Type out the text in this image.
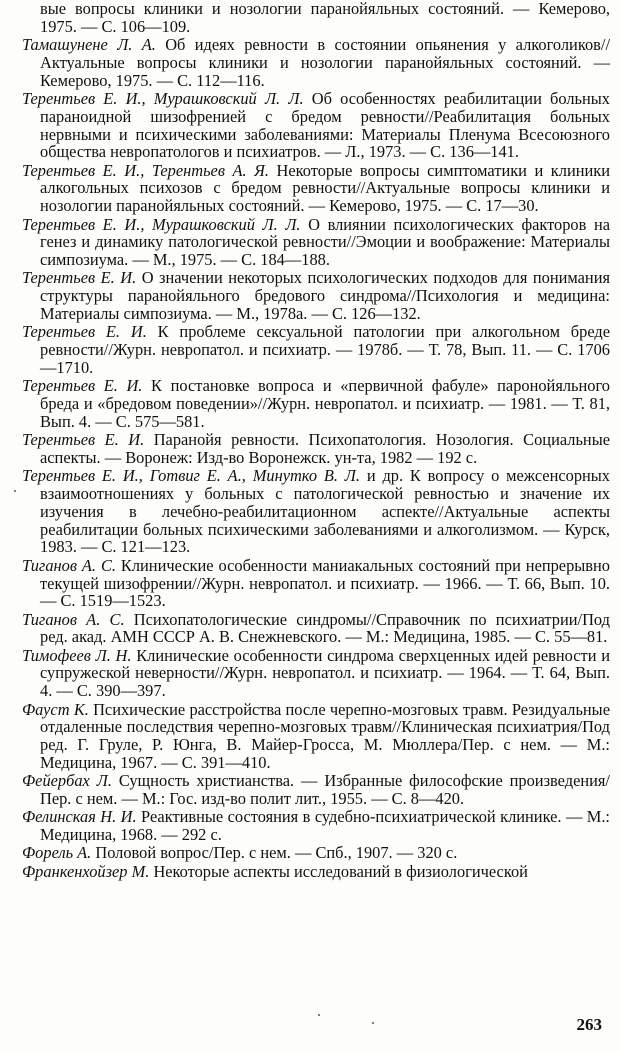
вые вопросы клиники и нозологии паранойяльных состояний. — Кемерово, 1975. — С. 106—109.

Тамашунене Л. А. Об идеях ревности в состоянии опьянения у алкоголиков//Актуальные вопросы клиники и нозологии паранойяльных состояний. — Кемерово, 1975. — С. 112—116.

Терентьев Е. И., Мурашковский Л. Л. Об особенностях реабилитации больных параноидной шизофренией с бредом ревности//Реабилитация больных нервными и психическими заболеваниями: Материалы Пленума Всесоюзного общества невропатологов и психиатров. — Л., 1973. — С. 136—141.

Терентьев Е. И., Терентьев А. Я. Некоторые вопросы симптоматики и клиники алкогольных психозов с бредом ревности//Актуальные вопросы клиники и нозологии паранойяльных состояний. — Кемерово, 1975. — С. 17—30.

Терентьев Е. И., Мурашковский Л. Л. О влиянии психологических факторов на генез и динамику патологической ревности//Эмоции и воображение: Материалы симпозиума. — М., 1975. — С. 184—188.

Терентьев Е. И. О значении некоторых психологических подходов для понимания структуры паранойяльного бредового синдрома//Психология и медицина: Материалы симпозиума. — М., 1978а. — С. 126—132.

Терентьев Е. И. К проблеме сексуальной патологии при алкогольном бреде ревности//Журн. невропатол. и психиатр. — 1978б. — Т. 78, Вып. 11. — С. 1706—1710.

Терентьев Е. И. К постановке вопроса и «первичной фабуле» паронойяльного бреда и «бредовом поведении»//Журн. невропатол. и психиатр. — 1981. — Т. 81, Вып. 4. — С. 575—581.

Терентьев Е. И. Паранойя ревности. Психопатология. Нозология. Социальные аспекты. — Воронеж: Изд-во Воронежск. ун-та, 1982 — 192 с.

Терентьев Е. И., Готвиг Е. А., Минутко В. Л. и др. К вопросу о межсенсорных взаимоотношениях у больных с патологической ревностью и значение их изучения в лечебно-реабилитационном аспекте//Актуальные аспекты реабилитации больных психическими заболеваниями и алкоголизмом. — Курск, 1983. — С. 121—123.

Тиганов А. С. Клинические особенности маниакальных состояний при непрерывно текущей шизофрении//Журн. невропатол. и психиатр. — 1966. — Т. 66, Вып. 10. — С. 1519—1523.

Тиганов А. С. Психопатологические синдромы//Справочник по психиатрии/Под ред. акад. АМН СССР А. В. Снежневского. — М.: Медицина, 1985. — С. 55—81.

Тимофеев Л. Н. Клинические особенности синдрома сверхценных идей ревности и супружеской неверности//Журн. невропатол. и психиатр. — 1964. — Т. 64, Вып. 4. — С. 390—397.

Фауст К. Психические расстройства после черепно-мозговых травм. Резидуальные отдаленные последствия черепно-мозговых травм//Клиническая психиатрия/Под ред. Г. Груле, Р. Юнга, В. Майер-Гросса, М. Мюллера/Пер. с нем. — М.: Медицина, 1967. — С. 391—410.

Фейербах Л. Сущность христианства. — Избранные философские произведения/Пер. с нем. — М.: Гос. изд-во полит лит., 1955. — С. 8—420.

Фелинская Н. И. Реактивные состояния в судебно-психиатрической клинике. — М.: Медицина, 1968. — 292 с.

Форель А. Половой вопрос/Пер. с нем. — Спб., 1907. — 320 с.

Франкенхойзер М. Некоторые аспекты исследований в физиологической

263
